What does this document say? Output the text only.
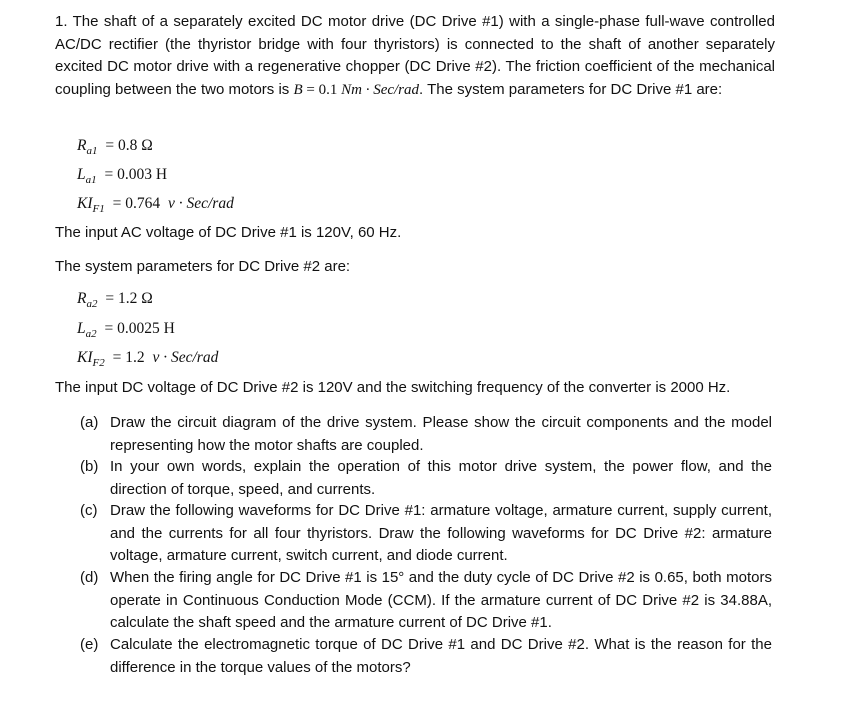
1. The shaft of a separately excited DC motor drive (DC Drive #1) with a single-phase full-wave controlled AC/DC rectifier (the thyristor bridge with four thyristors) is connected to the shaft of another separately excited DC motor drive with a regenerative chopper (DC Drive #2). The friction coefficient of the mechanical coupling between the two motors is B = 0.1 Nm · Sec/rad. The system parameters for DC Drive #1 are:
$R_{a1} = 0.8$ Ω
$L_{a1} = 0.003$ H
$KI_{F1} = 0.764$ v · Sec/rad
The input AC voltage of DC Drive #1 is 120V, 60 Hz.
The system parameters for DC Drive #2 are:
$R_{a2} = 1.2$ Ω
$L_{a2} = 0.0025$ H
$KI_{F2} = 1.2$ v · Sec/rad
The input DC voltage of DC Drive #2 is 120V and the switching frequency of the converter is 2000 Hz.
(a) Draw the circuit diagram of the drive system. Please show the circuit components and the model representing how the motor shafts are coupled.
(b) In your own words, explain the operation of this motor drive system, the power flow, and the direction of torque, speed, and currents.
(c) Draw the following waveforms for DC Drive #1: armature voltage, armature current, supply current, and the currents for all four thyristors. Draw the following waveforms for DC Drive #2: armature voltage, armature current, switch current, and diode current.
(d) When the firing angle for DC Drive #1 is 15° and the duty cycle of DC Drive #2 is 0.65, both motors operate in Continuous Conduction Mode (CCM). If the armature current of DC Drive #2 is 34.88A, calculate the shaft speed and the armature current of DC Drive #1.
(e) Calculate the electromagnetic torque of DC Drive #1 and DC Drive #2. What is the reason for the difference in the torque values of the motors?
